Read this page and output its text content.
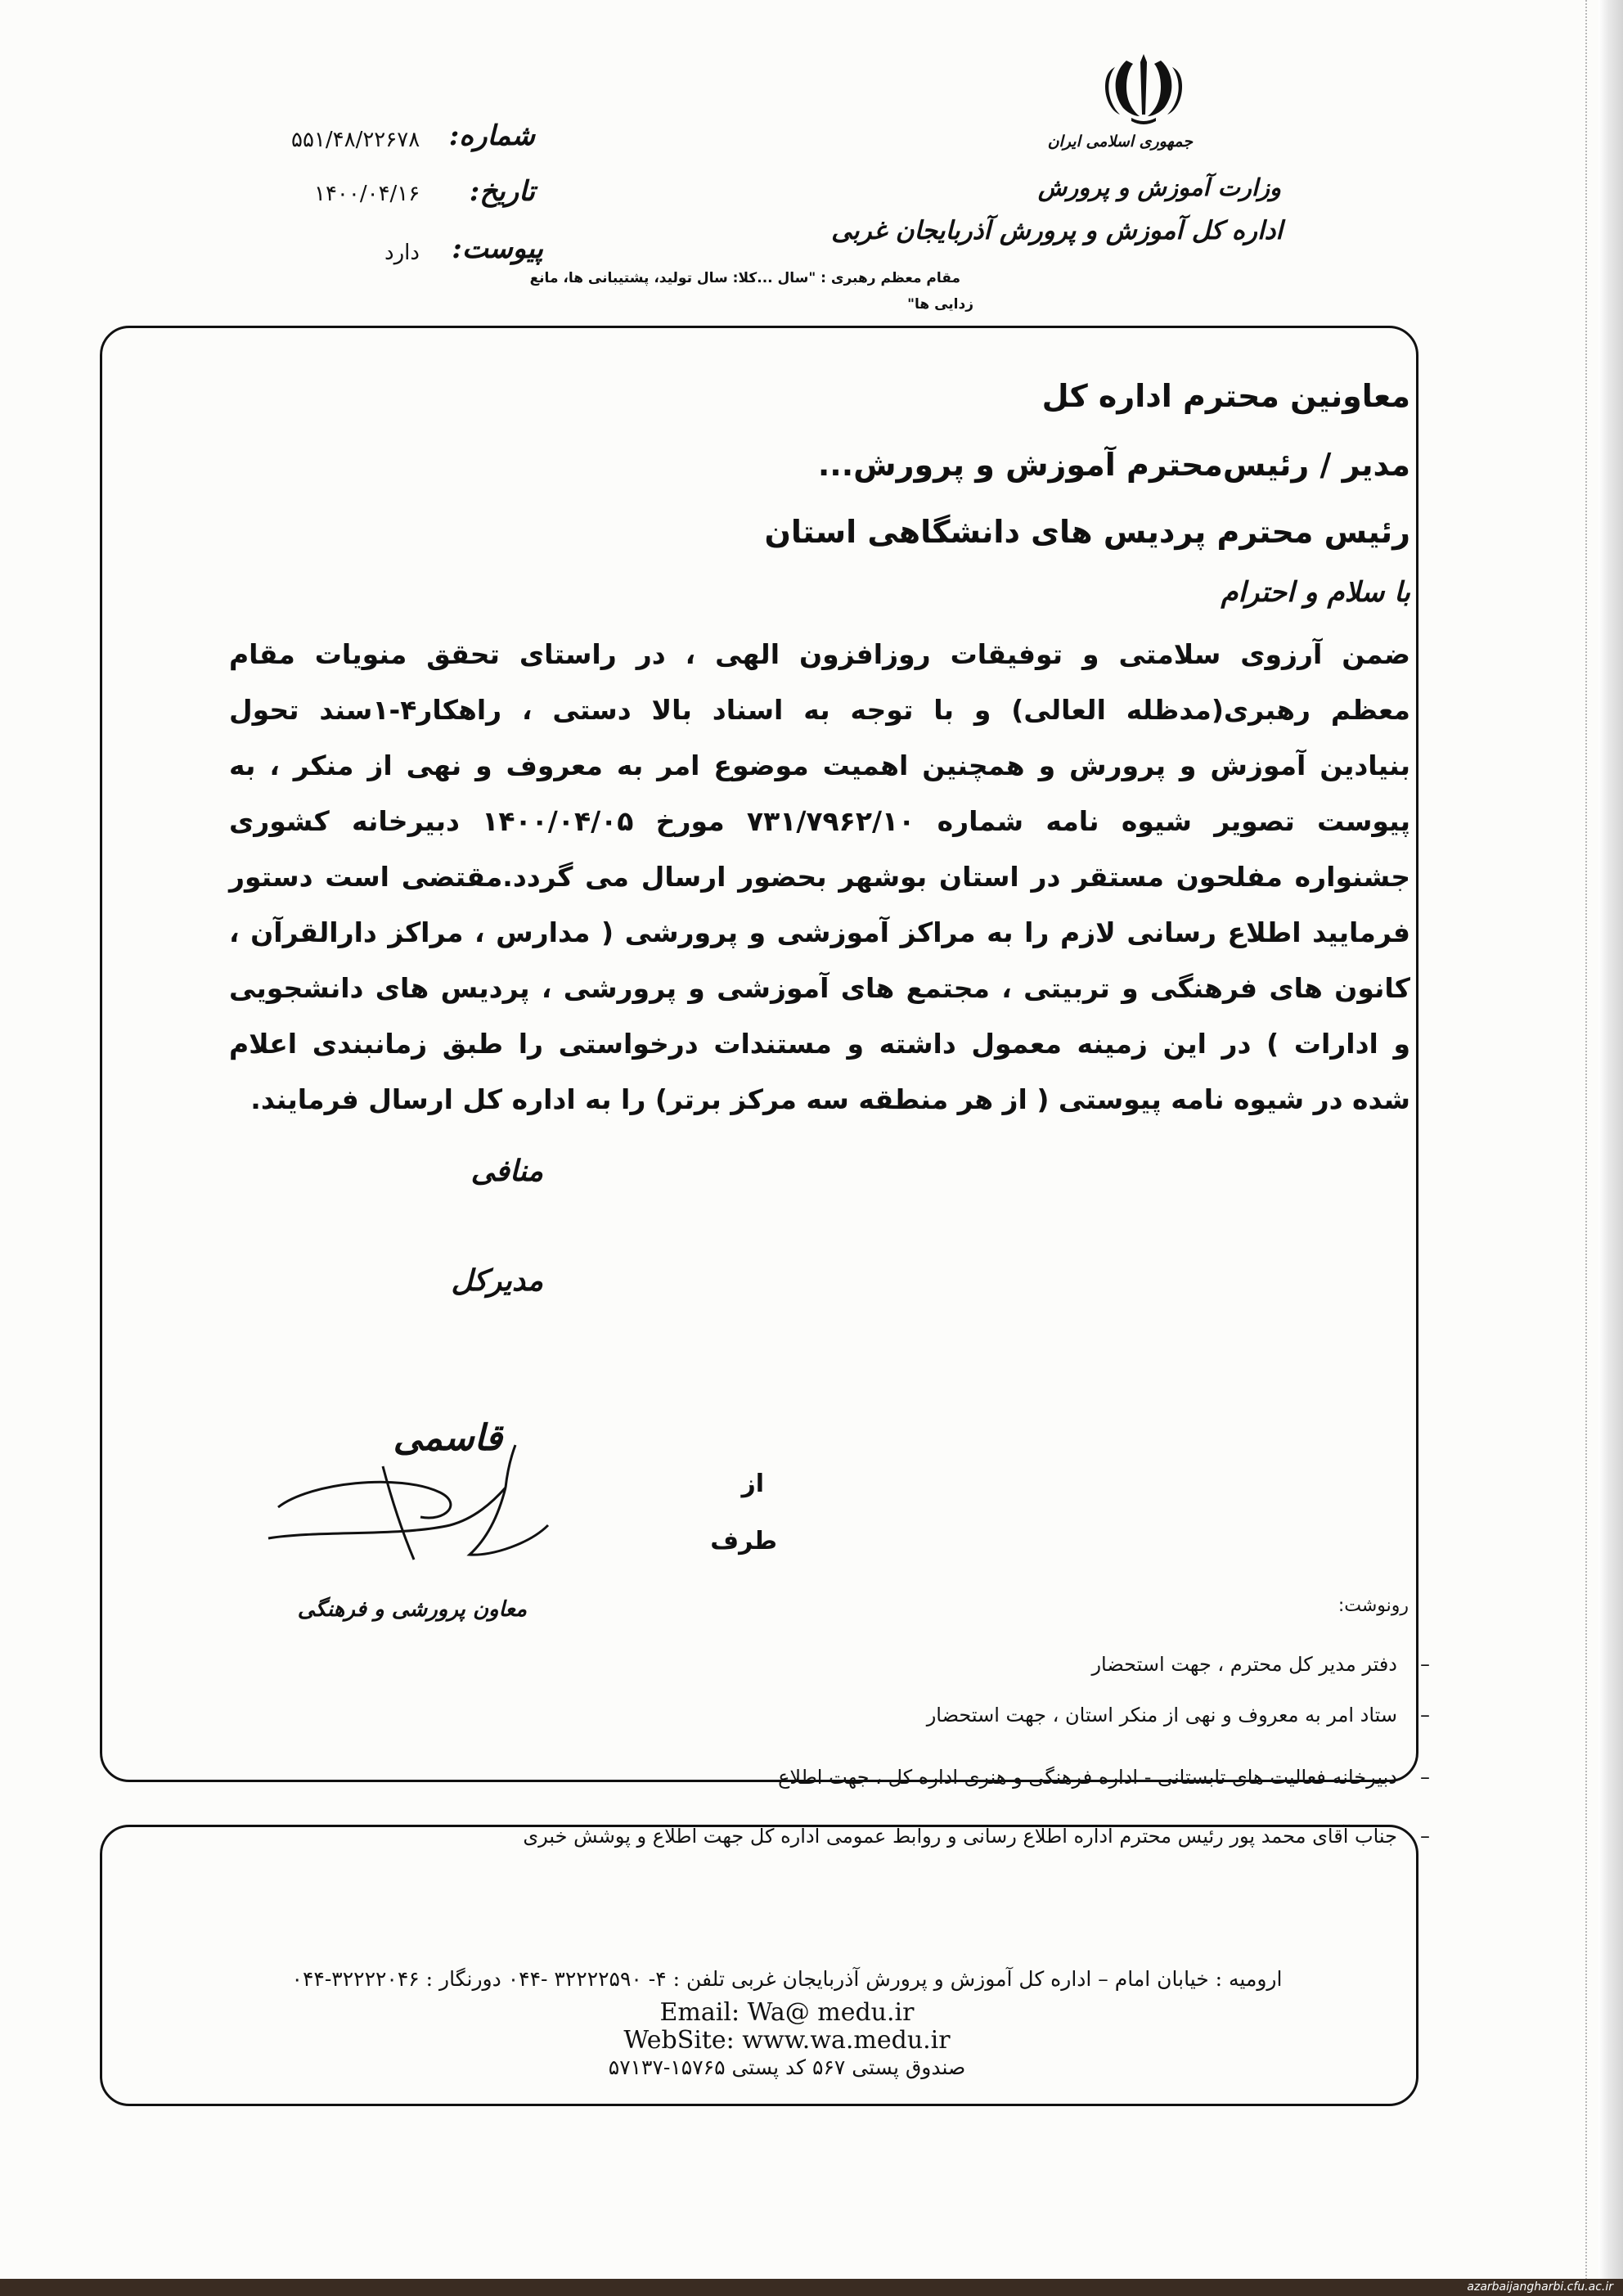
جمهوری اسلامی ایران
وزارت آموزش و پرورش
اداره کل آموزش و پرورش آذربایجان غربی
شماره:
۵۵۱/۴۸/۲۲۶۷۸
تاریخ:
۱۴۰۰/۰۴/۱۶
پیوست:
دارد
مقام معظم رهبری : "سال ...کلا: سال تولید، پشتیبانی ها، مانع
زدایی ها"
معاونین محترم اداره کل
مدیر / رئیس‌محترم آموزش و پرورش...
رئیس محترم پردیس های دانشگاهی استان
با سلام و احترام
ضمن آرزوی سلامتی و توفیقات روزافزون الهی ، در راستای تحقق منویات مقام
معظم رهبری(مدظله العالی) و با توجه به اسناد بالا دستی ، راهکار۴-۱سند تحول
بنیادین آموزش و پرورش و همچنین اهمیت موضوع امر به معروف و نهی از منکر ، به
پیوست تصویر شیوه نامه شماره ۷۳۱/۷۹۶۲/۱۰ مورخ ۱۴۰۰/۰۴/۰۵ دبیرخانه کشوری
جشنواره مفلحون مستقر در استان بوشهر بحضور ارسال می گردد.مقتضی است دستور
فرمایید اطلاع رسانی لازم را به مراکز آموزشی و پرورشی ( مدارس ، مراکز دارالقرآن ،
کانون های فرهنگی و تربیتی ، مجتمع های آموزشی و پرورشی ، پردیس های دانشجویی
و ادارات ) در این زمینه معمول داشته و مستندات درخواستی را طبق زمانبندی اعلام
شده در شیوه نامه پیوستی ( از هر منطقه سه مرکز برتر) را به اداره کل ارسال فرمایند.
منافی
مدیرکل
قاسمی
از
طرف
معاون پرورشی و فرهنگی	رونوشت:
–
دفتر مدیر کل محترم ، جهت استحضار
–
ستاد امر به معروف و نهی از منکر استان ، جهت استحضار
–
دبیرخانه فعالیت های تابستانی - اداره فرهنگی و هنری اداره کل ، جهت اطلاع
–
جناب آقای محمد پور رئیس محترم اداره اطلاع رسانی و روابط عمومی اداره کل جهت اطلاع و پوشش خبری
ارومیه : خیابان امام – اداره کل آموزش و پرورش آذربایجان غربی تلفن : ۴- ۳۲۲۲۲۵۹۰ -۰۴۴ دورنگار : ۳۲۲۲۲۰۴۶-۰۴۴
Email: Wa@ medu.ir
WebSite: www.wa.medu.ir
صندوق پستی ۵۶۷ کد پستی ۱۵۷۶۵-۵۷۱۳۷
azarbaijangharbi.cfu.ac.ir
